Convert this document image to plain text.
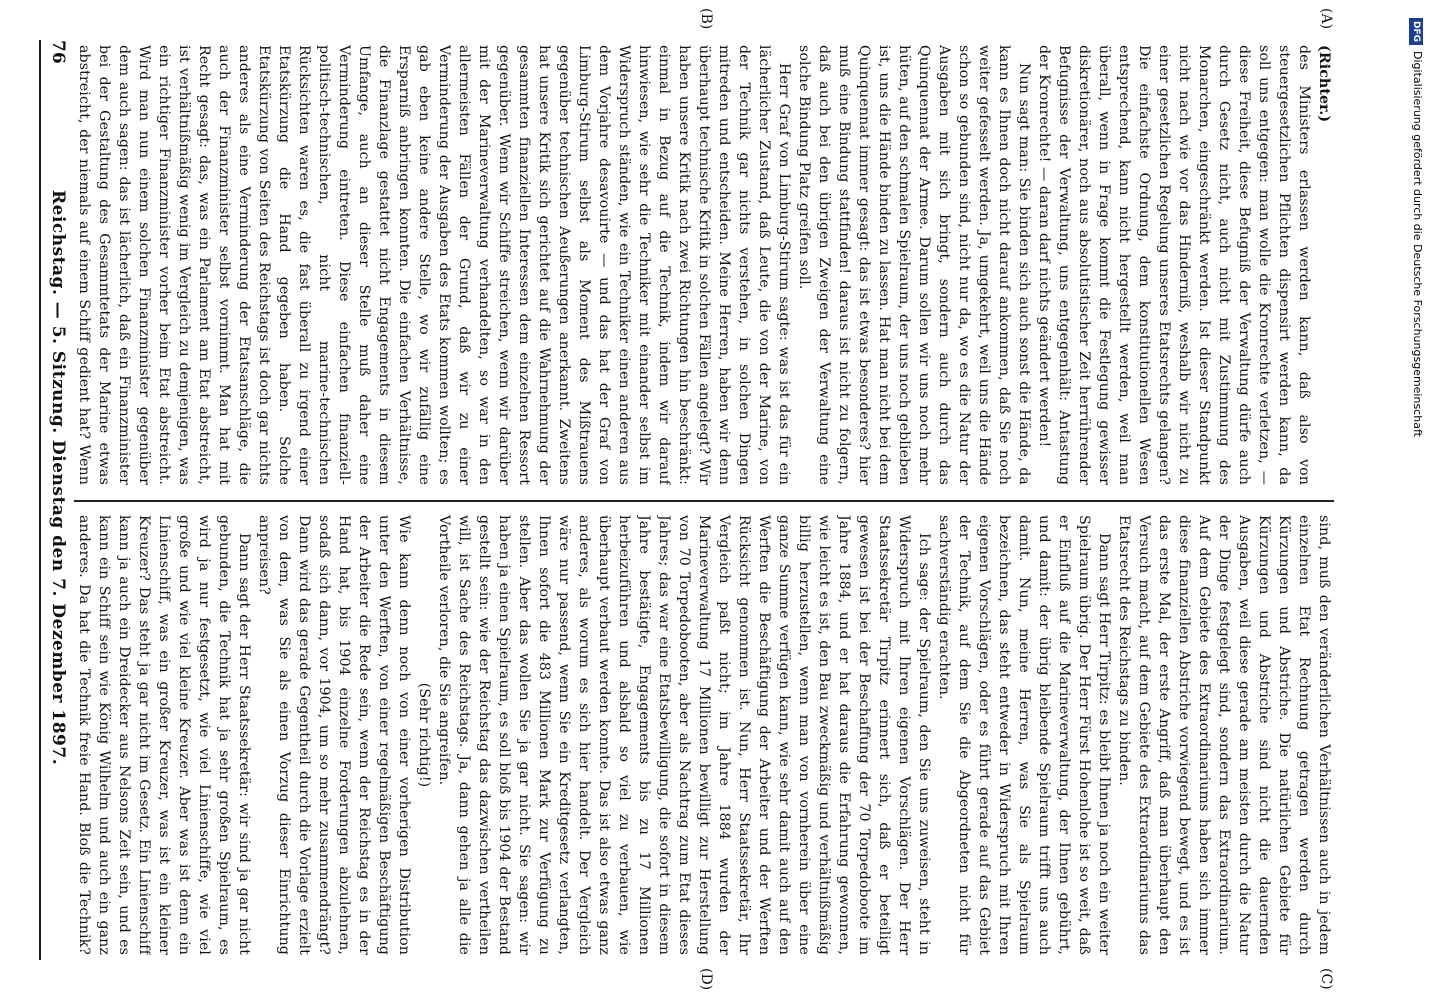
DFGDigitalisierung gefördert durch die Deutsche Forschungsgemeinschaft
76
Reichstag. — 5. Sitzung. Dienstag den 7. Dezember 1897.
(A)
(B)
(C)
(D)

(Richter.)

des Ministers erlassen werden kann, daß also von steuergesetzlichen Pflichten dispensirt werden kann, da soll uns entgegen: man wolle die Kronrechte verletzen, — diese Freiheit, diese Befugniß der Verwaltung dürfe auch durch Gesetz nicht, auch nicht mit Zustimmung des Monarchen, eingeschränkt werden. Ist dieser Standpunkt nicht nach wie vor das Hinderniß, weshalb wir nicht zu einer gesetzlichen Regelung unseres Etatsrechts gelangen? Die einfachste Ordnung, dem konstitutionellen Wesen entsprechend, kann nicht hergestellt werden, weil man überall, wenn in Frage kommt die Festlegung gewisser diskretionärer, noch aus absolutistischer Zeit herrührender Befugnisse der Verwaltung, uns entgegenhält: Antastung der Kronrechte! — daran darf nichts geändert werden!

Nun sagt man: Sie binden sich auch sonst die Hände, da kann es Ihnen doch nicht darauf ankommen, daß Sie noch weiter gefesselt werden. Ja, umgekehrt, weil uns die Hände schon so gebunden sind, nicht nur da, wo es die Natur der Ausgaben mit sich bringt, sondern auch durch das Quinquennat der Armee. Darum sollen wir uns noch mehr hüten, auf den schmalen Spielraum, der uns noch geblieben ist, uns die Hände binden zu lassen. Hat man nicht bei dem Quinquennat immer gesagt: das ist etwas besonderes? hier muß eine Bindung stattfinden! daraus ist nicht zu folgern, daß auch bei den übrigen Zweigen der Verwaltung eine solche Bindung Platz greifen soll.

Herr Graf von Limburg-Stirum sagte: was ist das für ein lächerlicher Zustand, daß Leute, die von der Marine, von der Technik gar nichts verstehen, in solchen Dingen mitreden und entscheiden. Meine Herren, haben wir denn überhaupt technische Kritik in solchen Fällen angelegt? Wir haben unsere Kritik nach zwei Richtungen hin beschränkt: einmal in Bezug auf die Technik, indem wir darauf hinwiesen, wie sehr die Techniker mit einander selbst im Widerspruch ständen, wie ein Techniker einen anderen aus dem Vorjahre desavouirte — und das hat der Graf von Limburg-Stirum selbst als Moment des Mißtrauens gegenüber technischen Aeußerungen anerkannt. Zweitens hat unsere Kritik sich gerichtet auf die Wahrnehmung der gesammten finanziellen Interessen dem einzelnen Ressort gegenüber. Wenn wir Schiffe streichen, wenn wir darüber mit der Marineverwaltung verhandelten, so war in den allermeisten Fällen der Grund, daß wir zu einer Verminderung der Ausgaben des Etats kommen wollten; es gab eben keine andere Stelle, wo wir zufällig eine Ersparniß anbringen konnten. Die einfachen Verhältnisse, die Finanzlage gestattet nicht Engagements in diesem Umfange, auch an dieser Stelle muß daher eine Verminderung eintreten. Diese einfachen finanziell-politisch-technischen, nicht marine-technischen Rücksichten waren es, die fast überall zu irgend einer Etatskürzung die Hand gegeben haben. Solche Etatskürzung von Seiten des Reichstags ist doch gar nichts anderes als eine Verminderung der Etatsanschläge, die auch der Finanzminister selbst vornimmt. Man hat mit Recht gesagt: das, was ein Parlament am Etat abstreicht, ist verhältnißmäßig wenig im Vergleich zu demjenigen, was ein richtiger Finanzminister vorher beim Etat abstreicht. Wird man nun einem solchen Finanzminister gegenüber dem auch sagen: das ist lächerlich, daß ein Finanzminister bei der Gestaltung des Gesammtetats der Marine etwas abstreicht, der niemals auf einem Schiff gedient hat? Wenn

sind, muß den veränderlichen Verhältnissen auch in jedem einzelnen Etat Rechnung getragen werden durch Kürzungen und Abstriche. Die natürlichen Gebiete für Kürzungen und Abstriche sind nicht die dauernden Ausgaben, weil diese gerade am meisten durch die Natur der Dinge festgelegt sind, sondern das Extraordinarium. Auf dem Gebiete des Extraordinariums haben sich immer diese finanziellen Abstriche vorwiegend bewegt, und es ist das erste Mal, der erste Angriff, daß man überhaupt den Versuch macht, auf dem Gebiete des Extraordinariums das Etatsrecht des Reichstags zu binden.

Dann sagt Herr Tirpitz: es bleibt Ihnen ja noch ein weiter Spielraum übrig. Der Herr Fürst Hohenlohe ist so weit, daß er Einfluß auf die Marineverwaltung, der Ihnen gebührt, und damit: der übrig bleibende Spielraum trifft uns auch damit. Nun, meine Herren, was Sie als Spielraum bezeichnen, das steht entweder in Widerspruch mit Ihren eigenen Vorschlägen, oder es führt gerade auf das Gebiet der Technik, auf dem Sie die Abgeordneten nicht für sachverständig erachten.

Ich sage: der Spielraum, den Sie uns zuweisen, steht in Widerspruch mit Ihren eigenen Vorschlägen. Der Herr Staatssekretär Tirpitz erinnert sich, daß er beteiligt gewesen ist bei der Beschaffung der 70 Torpedoboote im Jahre 1884, und er hat daraus die Erfahrung gewonnen, wie leicht es ist, den Bau zweckmäßig und verhältnißmäßig billig herzustellen, wenn man von vornherein über eine ganze Summe verfügen kann, wie sehr damit auch auf den Werften die Beschäftigung der Arbeiter und der Werften Rücksicht genommen ist. Nun, Herr Staatssekretär, Ihr Vergleich paßt nicht; im Jahre 1884 wurden der Marineverwaltung 17 Millionen bewilligt zur Herstellung von 70 Torpedobooten, aber als Nachtrag zum Etat dieses Jahres; das war eine Etatsbewilligung, die sofort in diesem Jahre bestätigte, Engagements bis zu 17 Millionen herbeizuführen und alsbald so viel zu verbauen, wie überhaupt verbaut werden konnte. Das ist also etwas ganz anderes, als worum es sich hier handelt. Der Vergleich wäre nur passend, wenn Sie ein Kreditgesetz verlangten, Ihnen sofort die 483 Millionen Mark zur Verfügung zu stellen. Aber das wollen Sie ja gar nicht. Sie sagen: wir haben ja einen Spielraum, es soll bloß bis 1904 der Bestand gestellt sein: wie der Reichstag das dazwischen vertheilen will, ist Sache des Reichstags. Ja, dann gehen ja alle die Vortheile verloren, die Sie angreifen.

(Sehr richtig!)

Wie kann denn noch von einer vorherigen Distribution unter den Werften, von einer regelmäßigen Beschäftigung der Arbeiter die Rede sein, wenn der Reichstag es in der Hand hat, bis 1904 einzelne Forderungen abzulehnen, sodaß sich dann, vor 1904, um so mehr zusammendrängt? Dann wird das gerade Gegentheil durch die Vorlage erzielt von dem, was Sie als einen Vorzug dieser Einrichtung anpreisen?

Dann sagt der Herr Staatssekretär: wir sind ja gar nicht gebunden, die Technik hat ja sehr großen Spielraum, es wird ja nur festgesetzt, wie viel Linienschiffe, wie viel große und wie viel kleine Kreuzer. Aber was ist denn ein Linienschiff, was ein großer Kreuzer, was ist ein kleiner Kreuzer? Das steht ja gar nicht im Gesetz. Ein Linienschiff kann ja auch ein Dreidecker aus Nelsons Zeit sein, und es kann ein Schiff sein wie König Wilhelm und auch ein ganz anderes. Da hat die Technik freie Hand. Bloß die Technik?
